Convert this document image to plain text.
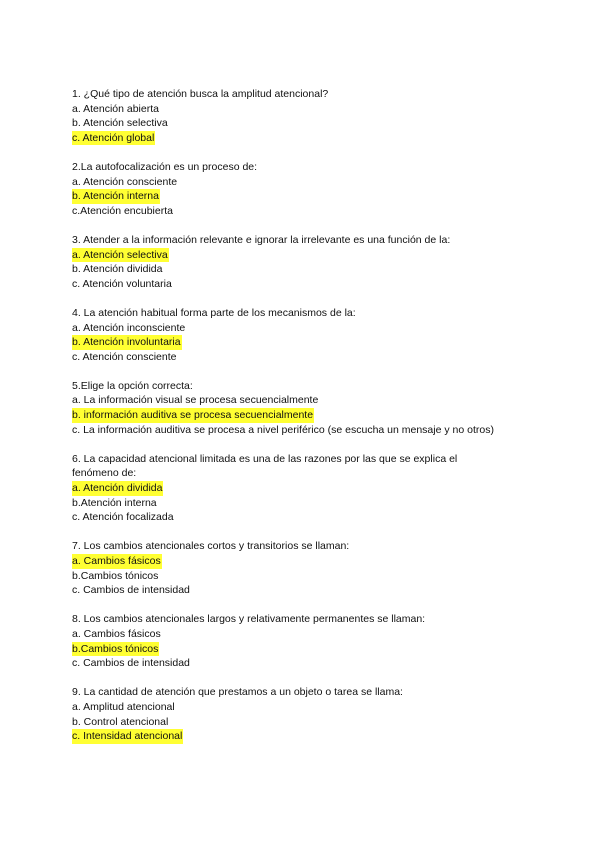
1. ¿Qué tipo de atención busca la amplitud atencional?
a. Atención abierta
b. Atención selectiva
c. Atención global
2.La autofocalización es un proceso de:
a. Atención consciente
b. Atención interna
c.Atención encubierta
3. Atender a la información relevante e ignorar la irrelevante es una función de la:
a. Atención selectiva
b. Atención dividida
c. Atención voluntaria
4. La atención habitual forma parte de los mecanismos de la:
a. Atención inconsciente
b. Atención involuntaria
c. Atención consciente
5.Elige la opción correcta:
a. La información visual se procesa secuencialmente
b. información auditiva se procesa secuencialmente
c. La información auditiva se procesa a nivel periférico (se escucha un mensaje y no otros)
6. La capacidad atencional limitada es una de las razones por las que se explica el fenómeno de:
a. Atención dividida
b.Atención interna
c. Atención focalizada
7. Los cambios atencionales cortos y transitorios se llaman:
a. Cambios fásicos
b.Cambios tónicos
c. Cambios de intensidad
8. Los cambios atencionales largos y relativamente permanentes se llaman:
a. Cambios fásicos
b.Cambios tónicos
c. Cambios de intensidad
9. La cantidad de atención que prestamos a un objeto o tarea se llama:
a. Amplitud atencional
b. Control atencional
c. Intensidad atencional
